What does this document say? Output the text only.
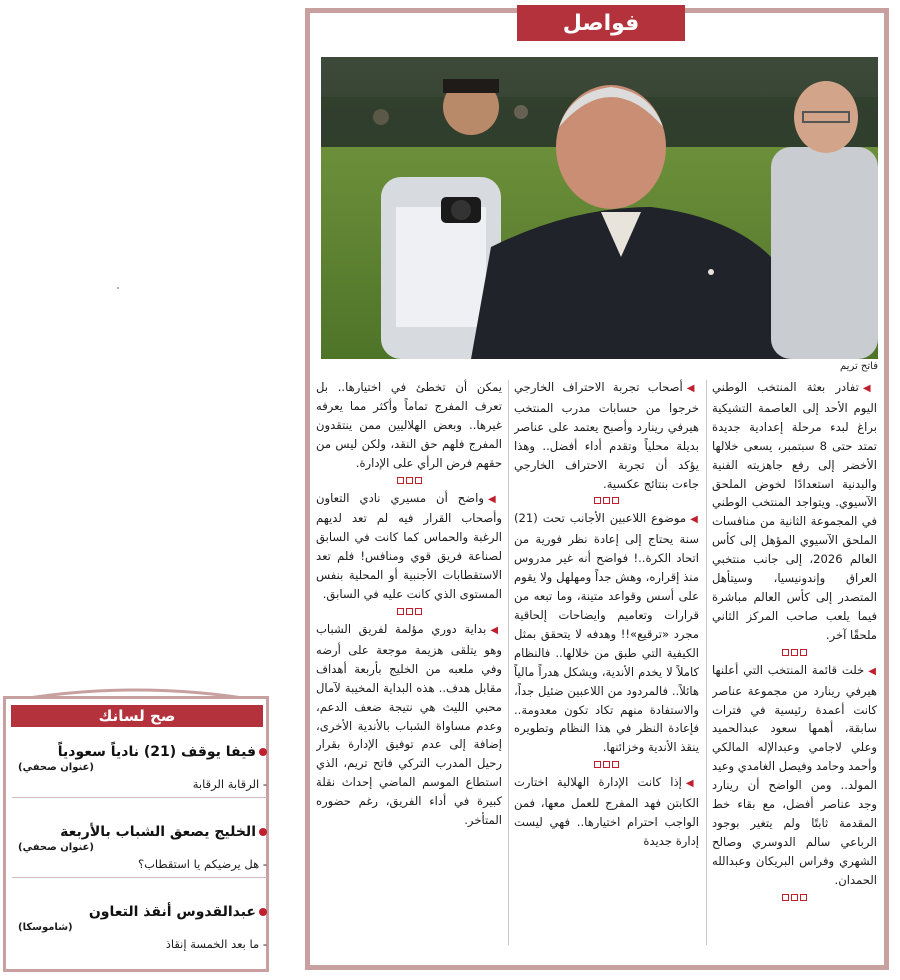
فواصل
فاتح تريم

◀تفادر بعثة المنتخب الوطني اليوم الأحد إلى العاصمة التشيكية براغ لبدء مرحلة إعدادية جديدة تمتد حتى 8 سبتمبر، يسعى خلالها الأخضر إلى رفع جاهزيته الفنية والبدنية استعدادًا لخوض الملحق الآسيوي. ويتواجد المنتخب الوطني في المجموعة الثانية من منافسات الملحق الآسيوي المؤهل إلى كأس العالم 2026، إلى جانب منتخبي العراق وإندونيسيا، وسيتأهل المتصدر إلى كأس العالم مباشرة فيما يلعب صاحب المركز الثاني ملحقًا آخر.

◀خلت قائمة المنتخب التي أعلنها هيرفي رينارد من مجموعة عناصر كانت أعمدة رئيسية في فترات سابقة، أهمها سعود عبدالحميد وعلي لاجامي وعبدالإله المالكي وأحمد وحامد وفيصل الغامدي وعيد المولد.. ومن الواضح أن رينارد وجد عناصر أفضل، مع بقاء خط المقدمة ثابتًا ولم يتغير بوجود الرباعي سالم الدوسري وصالح الشهري وفراس البريكان وعبدالله الحمدان.

◀أصحاب تجربة الاحتراف الخارجي خرجوا من حسابات مدرب المنتخب هيرفي رينارد وأصبح يعتمد على عناصر بديلة محلياً وتقدم أداء أفضل.. وهذا يؤكد أن تجربة الاحتراف الخارجي جاءت بنتائج عكسية.

◀موضوع اللاعبين الأجانب تحت (21) سنة يحتاج إلى إعادة نظر فورية من اتحاد الكرة..! فواضح أنه غير مدروس منذ إقراره، وهش جداً ومهلهل ولا يقوم على أسس وقواعد متينة، وما تبعه من قرارات وتعاميم وايضاحات إلحاقية مجرد «ترقيع»!! وهدفه لا يتحقق بمثل الكيفية التي طبق من خلالها.. فالنظام كاملاً لا يخدم الأندية، ويشكل هدراً مالياً هائلاً.. فالمردود من اللاعبين ضئيل جداً، والاستفادة منهم تكاد تكون معدومة.. فإعادة النظر في هذا النظام وتطويره ينقذ الأندية وخزائنها.

◀إذا كانت الإدارة الهلالية اختارت الكابتن فهد المفرج للعمل معها، فمن الواجب احترام اختيارها.. فهي ليست إدارة جديدة

يمكن أن تخطئ في اختيارها.. بل تعرف المفرج تماماً وأكثر مما يعرفه غيرها.. وبعض الهلاليين ممن ينتقدون المفرج فلهم حق النقد، ولكن ليس من حقهم فرض الرأي على الإدارة.

◀واضح أن مسيري نادي التعاون وأصحاب القرار فيه لم تعد لديهم الرغبة والحماس كما كانت في السابق لصناعة فريق قوي ومنافس! فلم تعد الاستقطابات الأجنبية أو المحلية بنفس المستوى الذي كانت عليه في السابق.

◀بداية دوري مؤلمة لفريق الشباب وهو يتلقى هزيمة موجعة على أرضه وفي ملعبه من الخليج بأربعة أهداف مقابل هدف.. هذه البداية المخيبة لآمال محبي الليث هي نتيجة ضعف الدعم، وعدم مساواة الشباب بالأندية الأخرى، إضافة إلى عدم توفيق الإدارة بقرار رحيل المدرب التركي فاتح تريم، الذي استطاع الموسم الماضي إحداث نقلة كبيرة في أداء الفريق، رغم حضوره المتأخر.

صح لسانك
فيفا يوقف (21) نادياً سعودياً
(عنوان صحفي)
- الرقابة الرقابة
الخليج يصعق الشباب بالأربعة
(عنوان صحفي)
- هل يرضيكم يا استقطاب؟
عبدالقدوس أنقذ التعاون
(شاموسكا)
- ما بعد الخمسة إنقاذ
